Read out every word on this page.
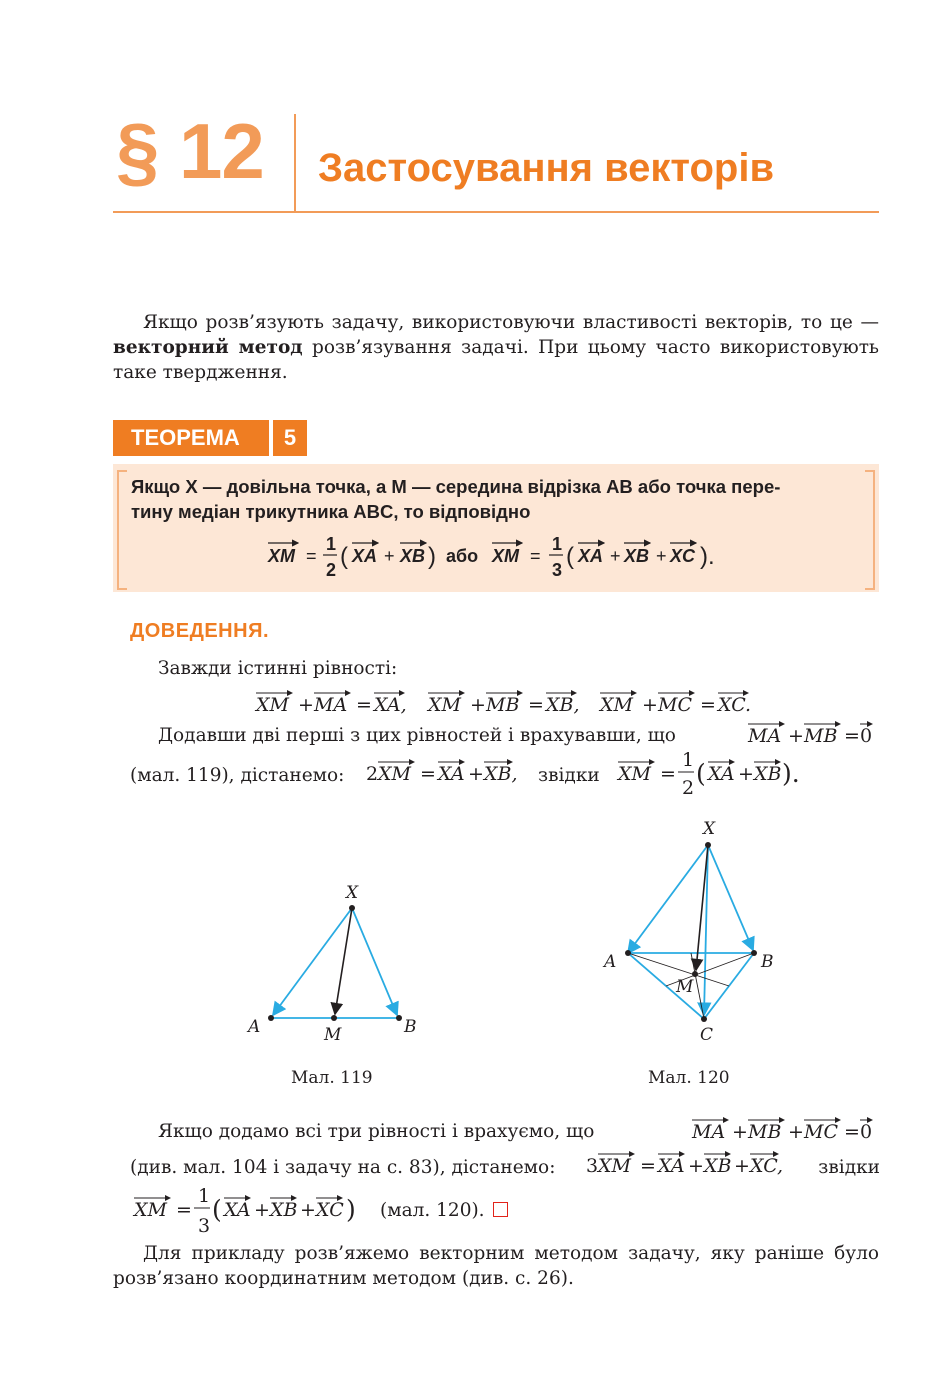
§ 12 Застосування векторів
Якщо розв’язують задачу, використовуючи властивості векторів, то це — векторний метод розв’язування задачі. При цьому часто використовують таке твердження.
ТЕОРЕМА	5
Якщо X — довільна точка, а M — середина відрізка AB або точка пере-
тину медіан трикутника ABC, то відповідно
XM =
1
2 ( XA + XB ) або XM =
1
3 ( XA + XB + XC ).
ДОВЕДЕННЯ.
Завжди істинні рівності:
XM + MA = XA, XM + MB = XB, XM + MC = XC.
Додавши дві перші з цих рівностей і врахувавши, що	MA + MB = 0
(мал. 119), дістанемо:	2 XM = XA + XB, звідки XM =
1
2 ( XA + XB ).
X
A	M	B
Мал. 119
X
A
M
B
C
Мал. 120
Якщо додамо всі три рівності і врахуємо, що	MA + MB + MC = 0
(див. мал. 104 і задачу на с. 83), дістанемо:	3 XM = XA + XB + XC,	звідки
XM =
1
3
( XA + XB + XC ) (мал. 120).
Для прикладу розв’яжемо векторним методом задачу, яку раніше було розв’язано координатним методом (див. с. 26).
